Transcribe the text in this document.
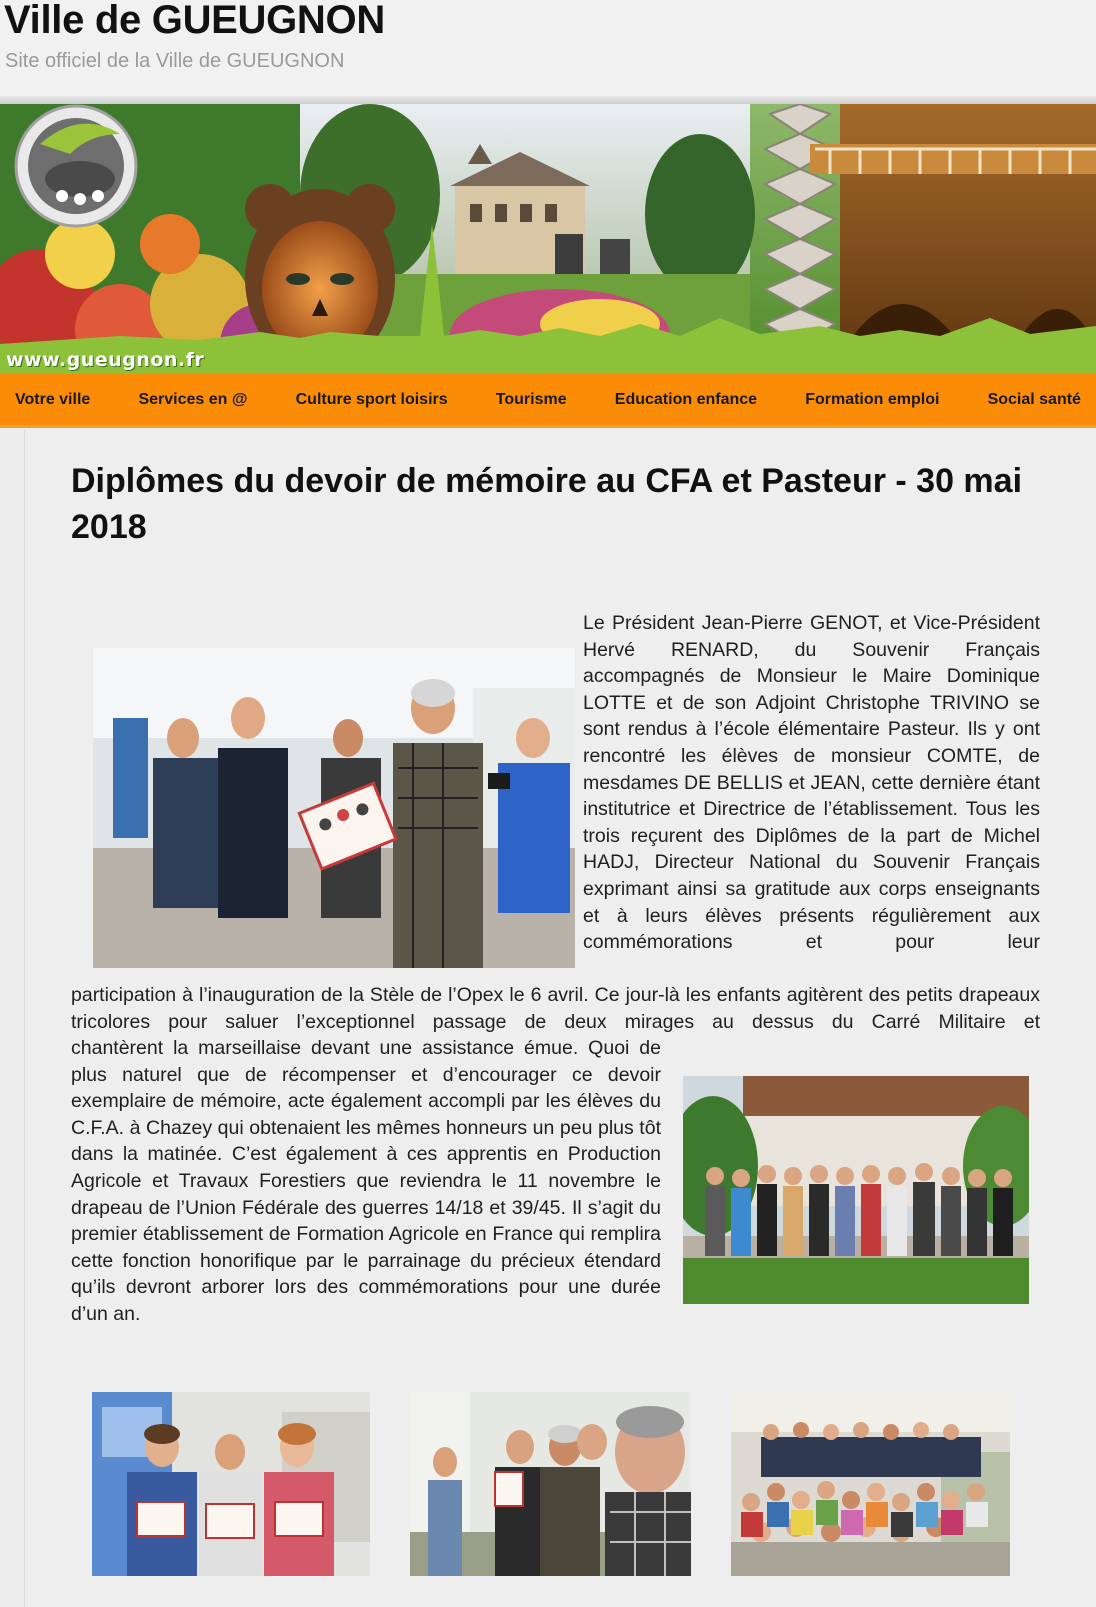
Ville de GUEUGNON

Site officiel de la Ville de GUEUGNON

www.gueugnon.fr
Votre ville	Services en @	Culture sport loisirs	Tourisme	Education enfance	Formation emploi	Social santé
Diplômes du devoir de mémoire au CFA et Pasteur - 30 mai 2018

Le Président Jean-Pierre GENOT, et Vice-Président Hervé RENARD, du Souvenir Français accompagnés de Monsieur le Maire Dominique LOTTE et de son Adjoint Christophe TRIVINO se sont rendus à l’école élémentaire Pasteur. Ils y ont rencontré les élèves de monsieur COMTE, de mesdames DE BELLIS et JEAN, cette dernière étant institutrice et Directrice de l’établissement. Tous les trois reçurent des Diplômes de la part de Michel HADJ, Directeur National du Souvenir Français exprimant ainsi sa gratitude aux corps enseignants et à leurs élèves présents régulièrement aux commémorations et pour leur

participation à l’inauguration de la Stèle de l’Opex le 6 avril. Ce jour-là les enfants agitèrent des petits drapeaux tricolores pour saluer l’exceptionnel passage de deux mirages au dessus du Carré Militaire et

chantèrent la marseillaise devant une assistance émue. Quoi de plus naturel que de récompenser et d’encourager ce devoir exemplaire de mémoire, acte également accompli par les élèves du C.F.A. à Chazey qui obtenaient les mêmes honneurs un peu plus tôt dans la matinée. C’est également à ces apprentis en Production Agricole et Travaux Forestiers que reviendra le 11 novembre le drapeau de l’Union Fédérale des guerres 14/18 et 39/45. Il s’agit du premier établissement de Formation Agricole en France qui remplira cette fonction honorifique par le parrainage du précieux étendard qu’ils devront arborer lors des commémorations pour une durée d’un an.
